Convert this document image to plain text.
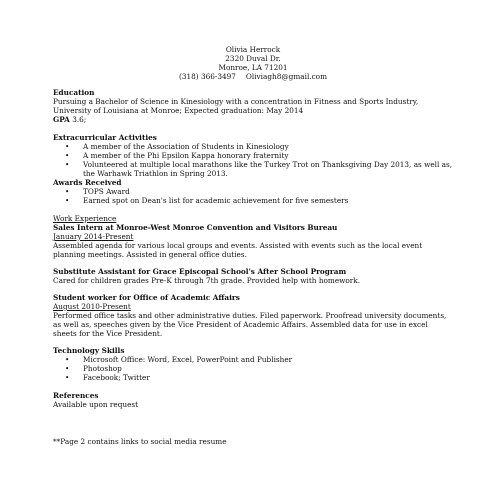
Olivia Herrock
2320 Duval Dr.
Monroe, LA 71201
(318) 366-3497 Oliviagh8@gmail.com
Education
Pursuing a Bachelor of Science in Kinesiology with a concentration in Fitness and Sports Industry,
University of Louisiana at Monroe; Expected graduation: May 2014
GPA 3.6;
Extracurricular Activities
• A member of the Association of Students in Kinesiology
• A member of the Phi Epsilon Kappa honorary fraternity
• Volunteered at multiple local marathons like the Turkey Trot on Thanksgiving Day 2013, as well as, the Warhawk Triathlon in Spring 2013.
Awards Received
• TOPS Award
• Earned spot on Dean's list for academic achievement for five semesters
Work Experience
Sales Intern at Monroe-West Monroe Convention and Visitors Bureau
January 2014-Present
Assembled agenda for various local groups and events. Assisted with events such as the local event planning meetings. Assisted in general office duties.
Substitute Assistant for Grace Episcopal School's After School Program
Cared for children grades Pre-K through 7th grade. Provided help with homework.
Student worker for Office of Academic Affairs
August 2010-Present
Performed office tasks and other administrative duties. Filed paperwork. Proofread university documents, as well as, speeches given by the Vice President of Academic Affairs. Assembled data for use in excel sheets for the Vice President.
Technology Skills
• Microsoft Office: Word, Excel, PowerPoint and Publisher
• Photoshop
• Facebook; Twitter
References
Available upon request
**Page 2 contains links to social media resume
